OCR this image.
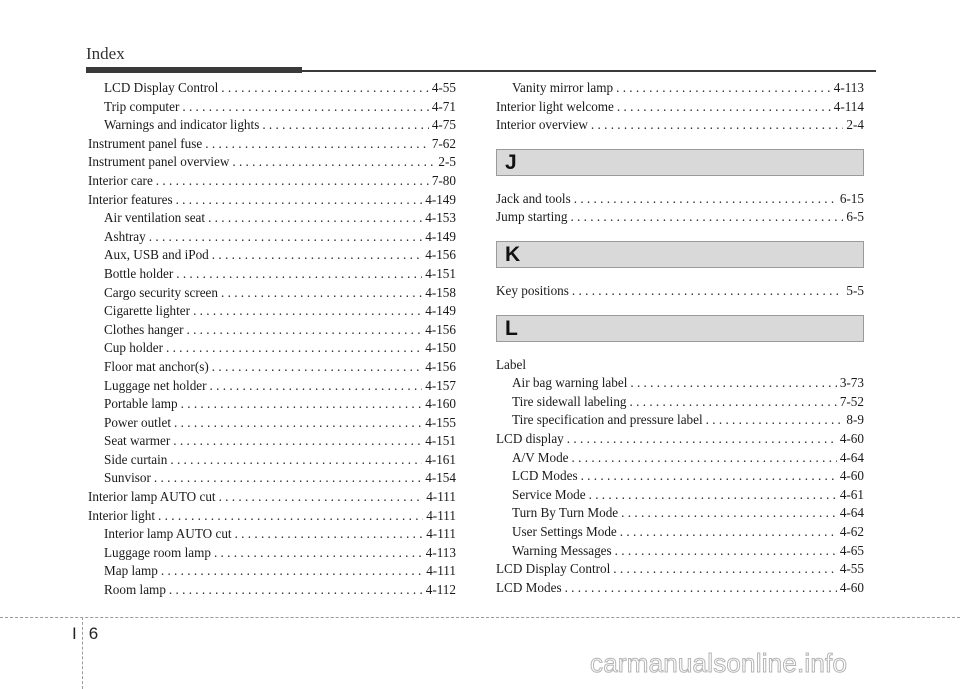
Index
LCD Display Control . . .	4-55
Trip computer . . .	4-71
Warnings and indicator lights . . .	4-75
Instrument panel fuse . . .	7-62
Instrument panel overview . . .	2-5
Interior care . . .	7-80
Interior features . . .	4-149
Air ventilation seat . . .	4-153
Ashtray . . .	4-149
Aux, USB and iPod . . .	4-156
Bottle holder . . .	4-151
Cargo security screen . . .	4-158
Cigarette lighter . . .	4-149
Clothes hanger . . .	4-156
Cup holder . . .	4-150
Floor mat anchor(s) . . .	4-156
Luggage net holder . . .	4-157
Portable lamp . . .	4-160
Power outlet . . .	4-155
Seat warmer . . .	4-151
Side curtain . . .	4-161
Sunvisor . . .	4-154
Interior lamp AUTO cut . . .	4-111
Interior light . . .	4-111
Interior lamp AUTO cut . . .	4-111
Luggage room lamp . . .	4-113
Map lamp . . .	4-111
Room lamp . . .	4-112
Vanity mirror lamp . . .	4-113
Interior light welcome . . .	4-114
Interior overview . . .	2-4
J
Jack and tools . . .	6-15
Jump starting . . .	6-5
K
Key positions . . .	5-5
L
Label
Air bag warning label . . .	3-73
Tire sidewall labeling . . .	7-52
Tire specification and pressure label . . .	8-9
LCD display . . .	4-60
A/V Mode . . .	4-64
LCD Modes . . .	4-60
Service Mode . . .	4-61
Turn By Turn Mode . . .	4-64
User Settings Mode . . .	4-62
Warning Messages . . .	4-65
LCD Display Control . . .	4-55
LCD Modes . . .	4-60
I 6
carmanualsonline.info
